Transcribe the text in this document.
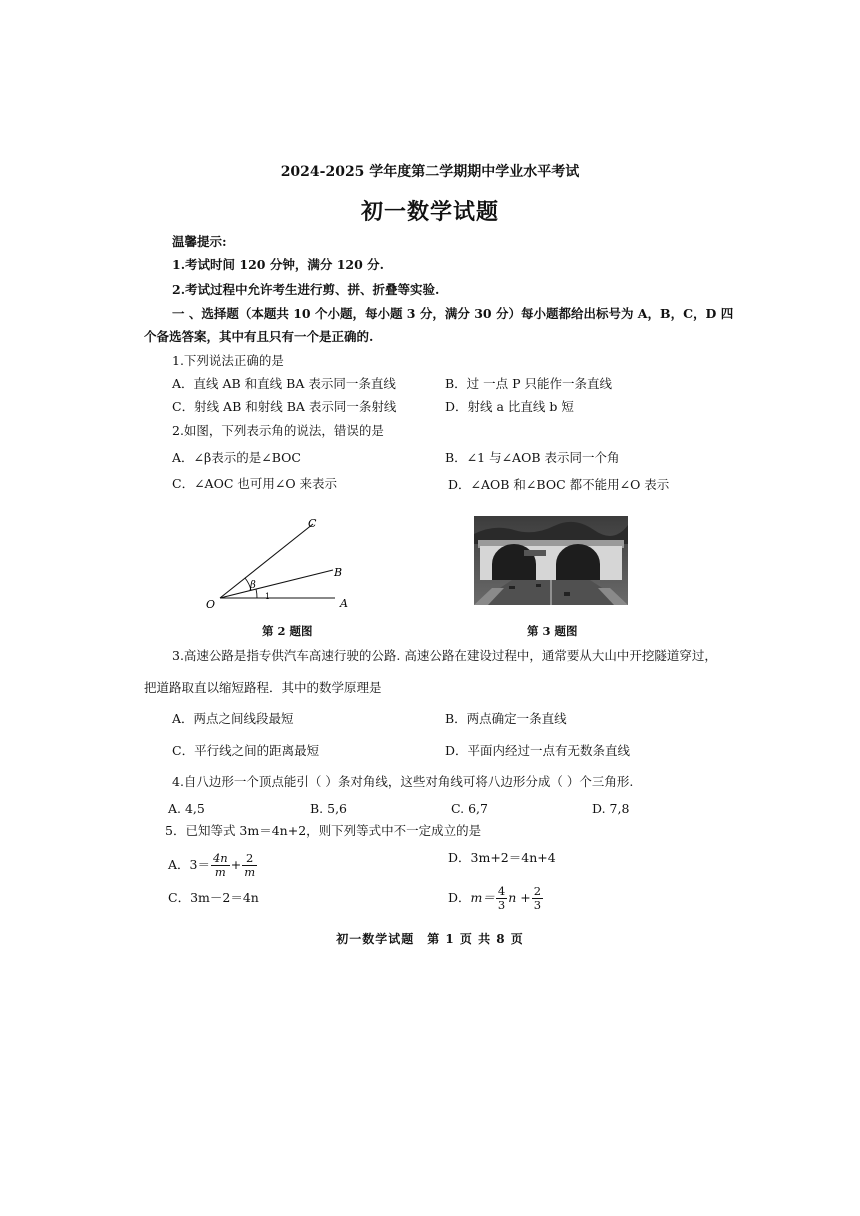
2024-2025 学年度第二学期期中学业水平考试
初一数学试题
温馨提示:
1.考试时间 120 分钟，满分 120 分.
2.考试过程中允许考生进行剪、拼、折叠等实验.
一 、选择题（本题共 10 个小题，每小题 3 分，满分 30 分）每小题都给出标号为 A，B，C，D 四
个备选答案，其中有且只有一个是正确的.
1.下列说法正确的是
A．直线 AB 和直线 BA 表示同一条直线	B．过 一点 P 只能作一条直线
C．射线 AB 和射线 BA 表示同一条射线	D．射线 a 比直线 b 短
2.如图，下列表示角的说法，错误的是
A．∠β表示的是∠BOC	B．∠1 与∠AOB 表示同一个角
C．∠AOC 也可用∠O 来表示	D．∠AOB 和∠BOC 都不能用∠O 表示
C
B
A
O
β
1
第 2 题图	第 3 题图
3.高速公路是指专供汽车高速行驶的公路. 高速公路在建设过程中，通常要从大山中开挖隧道穿过，
把道路取直以缩短路程．其中的数学原理是
A．两点之间线段最短	B．两点确定一条直线
C．平行线之间的距离最短	D．平面内经过一点有无数条直线
4.自八边形一个顶点能引（ ）条对角线，这些对角线可将八边形分成（ ）个三角形.
A. 4,5	B. 5,6	C. 6,7	D. 7,8
5．已知等式 3m＝4n+2，则下列等式中不一定成立的是
A．$3= \frac{4n}{m} + \frac{2}{m}$	D．3m+2＝4n+4
C．3m－2＝4n	D．$m= \frac{4}{3}$ $n + \frac{2}{3}$
初一数学试题　第 1 页 共 8 页
